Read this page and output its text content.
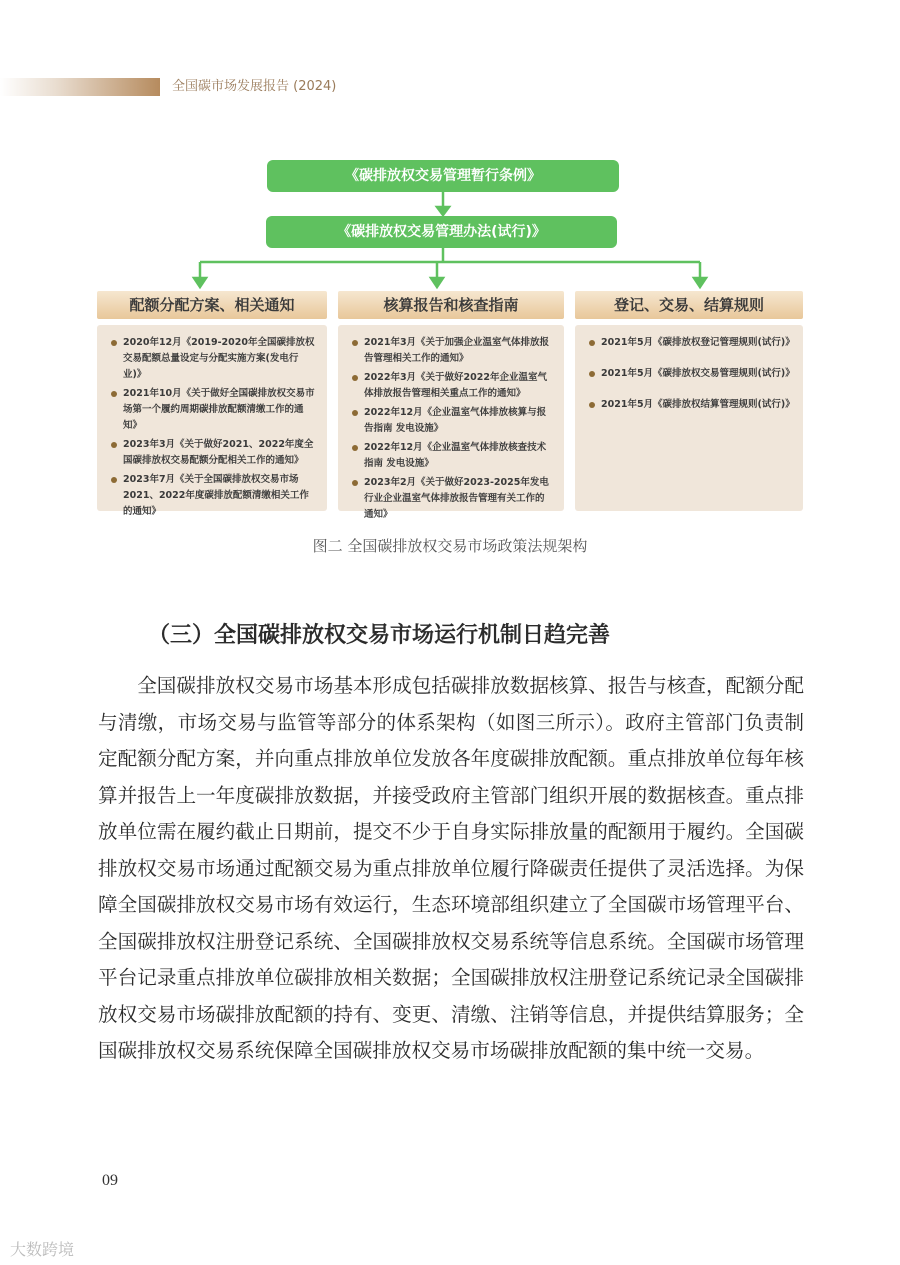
全国碳市场发展报告 (2024)
《碳排放权交易管理暂行条例》
《碳排放权交易管理办法(试行)》
配额分配方案、相关通知	核算报告和核查指南	登记、交易、结算规则
2020年12月《2019-2020年全国碳排放权交易配额总量设定与分配实施方案(发电行业)》
2021年10月《关于做好全国碳排放权交易市场第一个履约周期碳排放配额清缴工作的通知》
2023年3月《关于做好2021、2022年度全国碳排放权交易配额分配相关工作的通知》
2023年7月《关于全国碳排放权交易市场2021、2022年度碳排放配额清缴相关工作的通知》
2021年3月《关于加强企业温室气体排放报告管理相关工作的通知》
2022年3月《关于做好2022年企业温室气体排放报告管理相关重点工作的通知》
2022年12月《企业温室气体排放核算与报告指南 发电设施》
2022年12月《企业温室气体排放核查技术指南 发电设施》
2023年2月《关于做好2023-2025年发电行业企业温室气体排放报告管理有关工作的通知》
2021年5月《碳排放权登记管理规则(试行)》
2021年5月《碳排放权交易管理规则(试行)》
2021年5月《碳排放权结算管理规则(试行)》
图二 全国碳排放权交易市场政策法规架构
（三）全国碳排放权交易市场运行机制日趋完善

全国碳排放权交易市场基本形成包括碳排放数据核算、报告与核查，配额分配与清缴，市场交易与监管等部分的体系架构（如图三所示）。政府主管部门负责制定配额分配方案，并向重点排放单位发放各年度碳排放配额。重点排放单位每年核算并报告上一年度碳排放数据，并接受政府主管部门组织开展的数据核查。重点排放单位需在履约截止日期前，提交不少于自身实际排放量的配额用于履约。全国碳排放权交易市场通过配额交易为重点排放单位履行降碳责任提供了灵活选择。为保障全国碳排放权交易市场有效运行，生态环境部组织建立了全国碳市场管理平台、全国碳排放权注册登记系统、全国碳排放权交易系统等信息系统。全国碳市场管理平台记录重点排放单位碳排放相关数据；全国碳排放权注册登记系统记录全国碳排放权交易市场碳排放配额的持有、变更、清缴、注销等信息，并提供结算服务；全国碳排放权交易系统保障全国碳排放权交易市场碳排放配额的集中统一交易。

09
大数跨境
